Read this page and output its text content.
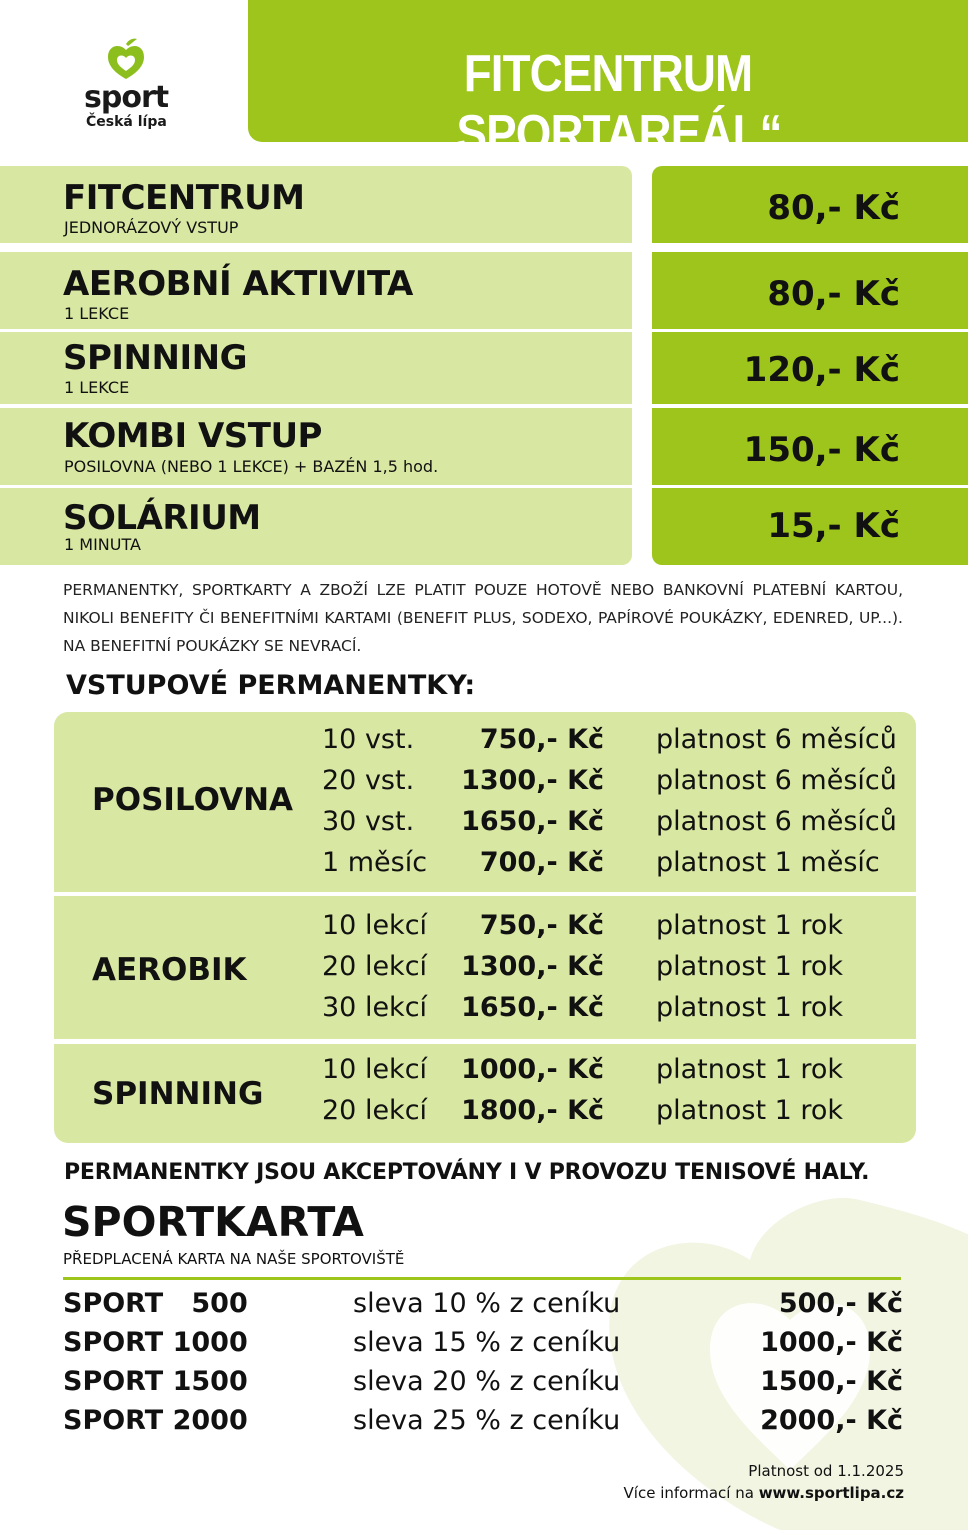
sport
Česká lípa
FITCENTRUM „SPORTAREÁL“
FITCENTRUM
JEDNORÁZOVÝ VSTUP	80,- Kč
AEROBNÍ AKTIVITA
1 LEKCE	80,- Kč
SPINNING
1 LEKCE	120,- Kč
KOMBI VSTUP
POSILOVNA (NEBO 1 LEKCE) + BAZÉN 1,5 hod.	150,- Kč
SOLÁRIUM
1 MINUTA	15,- Kč
PERMANENTKY, SPORTKARTY A ZBOŽÍ LZE PLATIT POUZE HOTOVĚ NEBO BANKOVNÍ PLATEBNÍ KARTOU, NIKOLI BENEFITY ČI BENEFITNÍMI KARTAMI (BENEFIT PLUS, SODEXO, PAPÍROVÉ POUKÁZKY, EDENRED, UP...). NA BENEFITNÍ POUKÁZKY SE NEVRACÍ.
VSTUPOVÉ PERMANENTKY:
POSILOVNA
10 vst.	750,- Kč platnost 6 měsíců
20 vst.	1300,- Kč platnost 6 měsíců
30 vst.	1650,- Kč platnost 6 měsíců
1 měsíc	700,- Kč platnost 1 měsíc
AEROBIK
10 lekcí	750,- Kč platnost 1 rok
20 lekcí	1300,- Kč platnost 1 rok
30 lekcí	1650,- Kč platnost 1 rok
SPINNING
10 lekcí	1000,- Kč platnost 1 rok
20 lekcí	1800,- Kč platnost 1 rok
PERMANENTKY JSOU AKCEPTOVÁNY I V PROVOZU TENISOVÉ HALY.
SPORTKARTA
PŘEDPLACENÁ KARTA NA NAŠE SPORTOVIŠTĚ
SPORT   500	sleva 10 % z ceníku	500,- Kč
SPORT 1000	sleva 15 % z ceníku	1000,- Kč
SPORT 1500	sleva 20 % z ceníku	1500,- Kč
SPORT 2000	sleva 25 % z ceníku	2000,- Kč
Platnost od 1.1.2025
Více informací na www.sportlipa.cz
